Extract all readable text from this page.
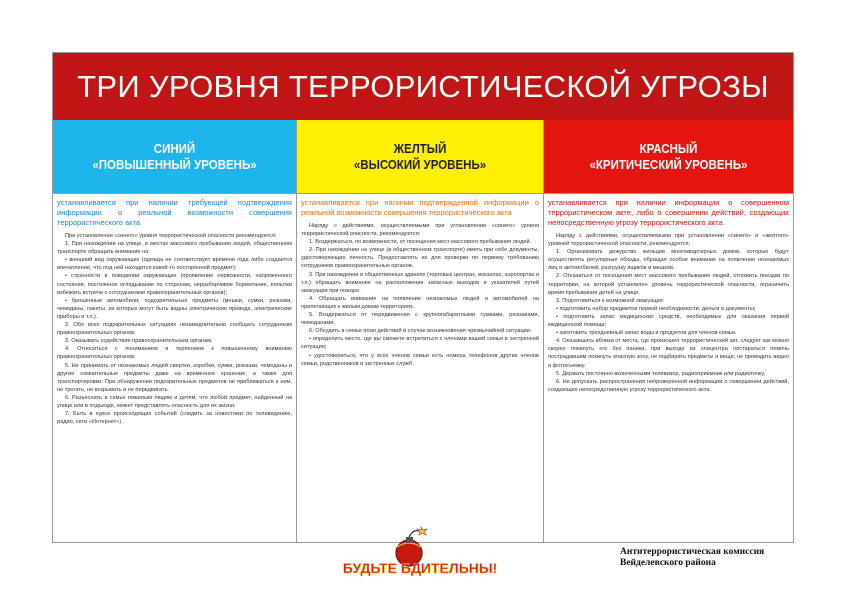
ТРИ УРОВНЯ ТЕРРОРИСТИЧЕСКОЙ УГРОЗЫ
СИНИЙ
«ПОВЫШЕННЫЙ УРОВЕНЬ»

устанавливается при наличии требующей подтверждения информации о реальной возможности совершения террористического акта

При установлении «синего» уровня террористической опасности рекомендуется:

1. При нахождении на улице, в местах массового пребывания людей, общественном транспорте обращать внимание на:

• внешний вид окружающих (одежда не соответствует времени года либо создается впечатление, что под ней находится какой-то посторонний предмет);

• странности в поведении окружающих (проявление нервозности, напряженного состояния, постоянное оглядывание по сторонам, неразборчивое бормотание, попытки избежать встречи с сотрудниками правоохранительных органов);

• брошенные автомобили, подозрительные предметы (мешки, сумки, рюкзаки, чемоданы, пакеты, из которых могут быть видны электрические провода, электрические приборы и т.п.).

2. Обо всех подозрительных ситуациях незамедлительно сообщать сотрудникам правоохранительных органов.

3. Оказывать содействие правоохранительным органам.

4. Относиться с пониманием и терпением к повышенному вниманию правоохранительных органов.

5. Не принимать от незнакомых людей свертки, коробки, сумки, рюкзаки, чемоданы и другие сомнительные предметы даже на временное хранение, а также для транспортировки. При обнаружении подозрительных предметов не приближаться к ним, не трогать, не вскрывать и не передвигать.

6. Разъяснить в семье пожилым людям и детям, что любой предмет, найденный на улице или в подъезде, может представлять опасность для их жизни.

7. Быть в курсе происходящих событий (следить за новостями по телевидению, радио, сети «Интернет»).

ЖЕЛТЫЙ
«ВЫСОКИЙ УРОВЕНЬ»

устанавливается при наличии подтвержденной информации о реальной возможности совершения террористического акта

Наряду с действиями, осуществляемыми при установлении «синего» уровня террористической опасности, рекомендуется:

1. Воздержаться, по возможности, от посещения мест массового пребывания людей.

2. При нахождении на улице (в общественном транспорте) иметь при себе документы, удостоверяющие личность. Предоставлять их для проверки по первому требованию сотрудников правоохранительных органов.

3. При нахождении в общественных зданиях (торговых центрах, вокзалах, аэропортах и т.п.) обращать внимание на расположение запасных выходов и указателей путей эвакуации при пожаре.

4. Обращать внимание на появление незнакомых людей и автомобилей на прилегающих к жилым домам территориях.

5. Воздержаться от передвижения с крупногабаритными сумками, рюкзаками, чемоданами.

6. Обсудить в семье план действий в случае возникновения чрезвычайной ситуации:

• определить место, где вы сможете встретиться с членами вашей семьи в экстренной ситуации;

• удостовериться, что у всех членов семьи есть номера телефонов других членов семьи, родственников и экстренных служб.

БУДЬТЕ БДИТЕЛЬНЫ!
КРАСНЫЙ
«КРИТИЧЕСКИЙ УРОВЕНЬ»

устанавливается при наличии информации о совершенном террористическом акте, либо о совершении действий, создающих непосредственную угрозу террористического акта

Наряду с действиями, осуществляемыми при установлении «синего» и «желтого» уровней террористической опасности, рекомендуется:

1. Организовать дежурство жильцов многоквартирных домов, которые будут осуществлять регулярные обходы, обращая особое внимание на появление незнакомых лиц и автомобилей, разгрузку ящиков и мешков.

2. Отказаться от посещения мест массового пребывания людей, отложить поездки по территории, на которой установлен уровень террористической опасности, ограничить время пребывания детей на улице.

3. Подготовиться к возможной эвакуации:

• подготовить набор предметов первой необходимости, деньги и документы;

• подготовить запас медицинских средств, необходимых для оказания первой медицинской помощи;

• заготовить трехдневный запас воды и продуктов для членов семьи.

4. Оказавшись вблизи от места, где произошел террористический акт, следует как можно скорее покинуть его без паники, при выходе из эпицентра постараться помочь пострадавшим покинуть опасную зону, не подбирать предметы и вещи, не проводить видео и фотосъемку.

5. Держать постоянно включенными телевизор, радиоприемник или радиоточку.

6. Не допускать распространения непроверенной информации о совершении действий, создающих непосредственную угрозу террористического акта.

Антитеррористическая комиссия
Вейделевского района
